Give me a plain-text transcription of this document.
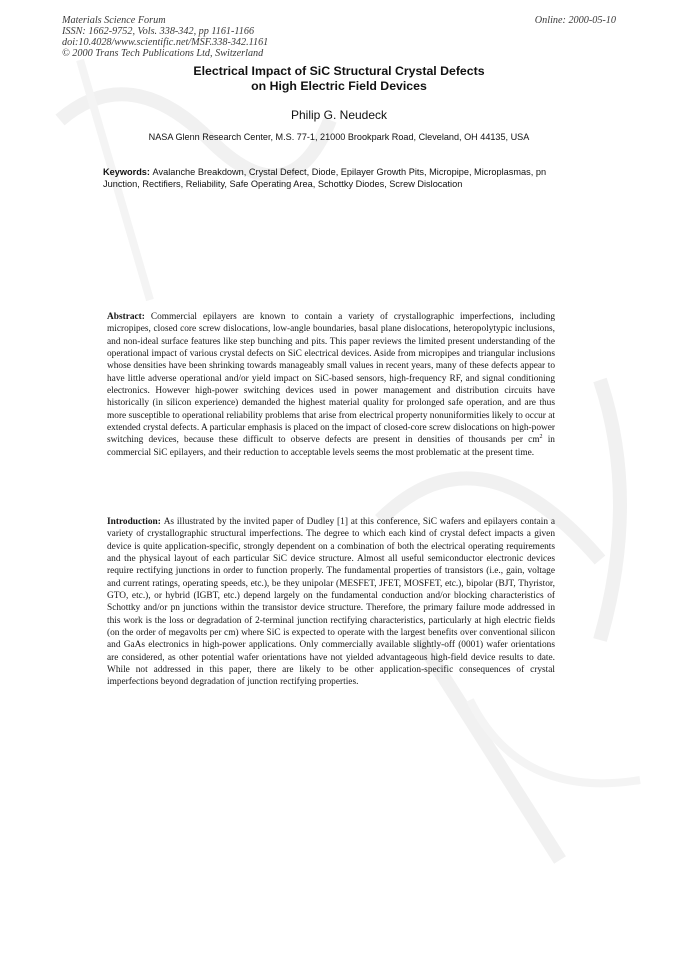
Materials Science Forum
ISSN: 1662-9752, Vols. 338-342, pp 1161-1166
doi:10.4028/www.scientific.net/MSF.338-342.1161
© 2000 Trans Tech Publications Ltd, Switzerland
Online: 2000-05-10
Electrical Impact of SiC Structural Crystal Defects
on High Electric Field Devices
Philip G. Neudeck
NASA Glenn Research Center, M.S. 77-1, 21000 Brookpark Road, Cleveland, OH 44135, USA
Keywords: Avalanche Breakdown, Crystal Defect, Diode, Epilayer Growth Pits, Micropipe, Microplasmas, pn Junction, Rectifiers, Reliability, Safe Operating Area, Schottky Diodes, Screw Dislocation
Abstract: Commercial epilayers are known to contain a variety of crystallographic imperfections, including micropipes, closed core screw dislocations, low-angle boundaries, basal plane dislocations, heteropolytypic inclusions, and non-ideal surface features like step bunching and pits. This paper reviews the limited present understanding of the operational impact of various crystal defects on SiC electrical devices. Aside from micropipes and triangular inclusions whose densities have been shrinking towards manageably small values in recent years, many of these defects appear to have little adverse operational and/or yield impact on SiC-based sensors, high-frequency RF, and signal conditioning electronics. However high-power switching devices used in power management and distribution circuits have historically (in silicon experience) demanded the highest material quality for prolonged safe operation, and are thus more susceptible to operational reliability problems that arise from electrical property nonuniformities likely to occur at extended crystal defects. A particular emphasis is placed on the impact of closed-core screw dislocations on high-power switching devices, because these difficult to observe defects are present in densities of thousands per $cm^2$ in commercial SiC epilayers, and their reduction to acceptable levels seems the most problematic at the present time.
Introduction: As illustrated by the invited paper of Dudley [1] at this conference, SiC wafers and epilayers contain a variety of crystallographic structural imperfections. The degree to which each kind of crystal defect impacts a given device is quite application-specific, strongly dependent on a combination of both the electrical operating requirements and the physical layout of each particular SiC device structure. Almost all useful semiconductor electronic devices require rectifying junctions in order to function properly. The fundamental properties of transistors (i.e., gain, voltage and current ratings, operating speeds, etc.), be they unipolar (MESFET, JFET, MOSFET, etc.), bipolar (BJT, Thyristor, GTO, etc.), or hybrid (IGBT, etc.) depend largely on the fundamental conduction and/or blocking characteristics of Schottky and/or pn junctions within the transistor device structure. Therefore, the primary failure mode addressed in this work is the loss or degradation of 2-terminal junction rectifying characteristics, particularly at high electric fields (on the order of megavolts per cm) where SiC is expected to operate with the largest benefits over conventional silicon and GaAs electronics in high-power applications. Only commercially available slightly-off (0001) wafer orientations are considered, as other potential wafer orientations have not yielded advantageous high-field device results to date. While not addressed in this paper, there are likely to be other application-specific consequences of crystal imperfections beyond degradation of junction rectifying properties.
